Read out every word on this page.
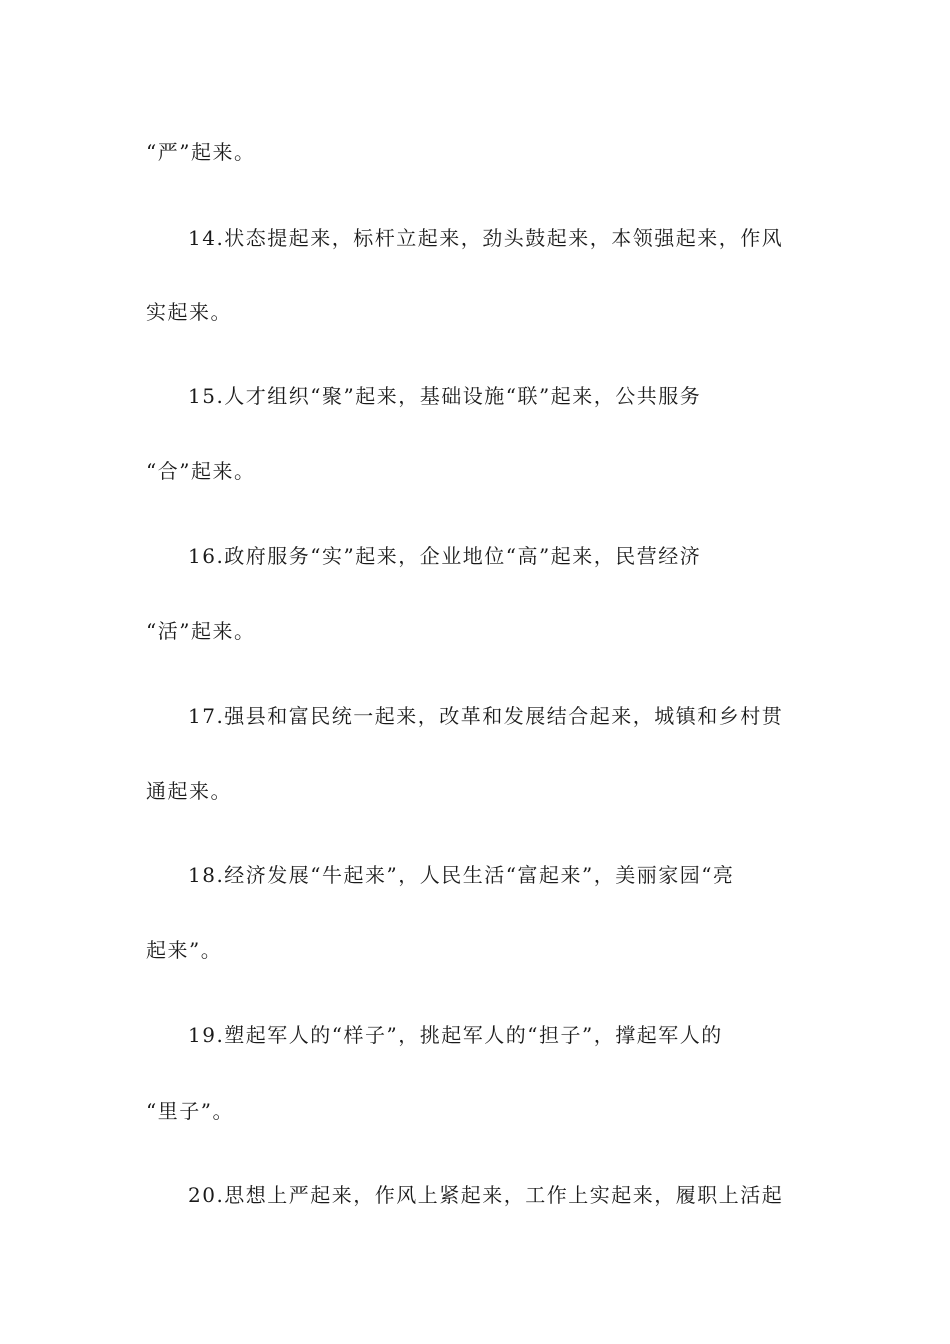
“严”起来。
14.状态提起来，标杆立起来，劲头鼓起来，本领强起来，作风
实起来。
15.人才组织“聚”起来，基础设施“联”起来，公共服务
“合”起来。
16.政府服务“实”起来，企业地位“高”起来，民营经济
“活”起来。
17.强县和富民统一起来，改革和发展结合起来，城镇和乡村贯
通起来。
18.经济发展“牛起来”，人民生活“富起来”，美丽家园“亮
起来”。
19.塑起军人的“样子”，挑起军人的“担子”，撑起军人的
“里子”。
20.思想上严起来，作风上紧起来，工作上实起来，履职上活起
